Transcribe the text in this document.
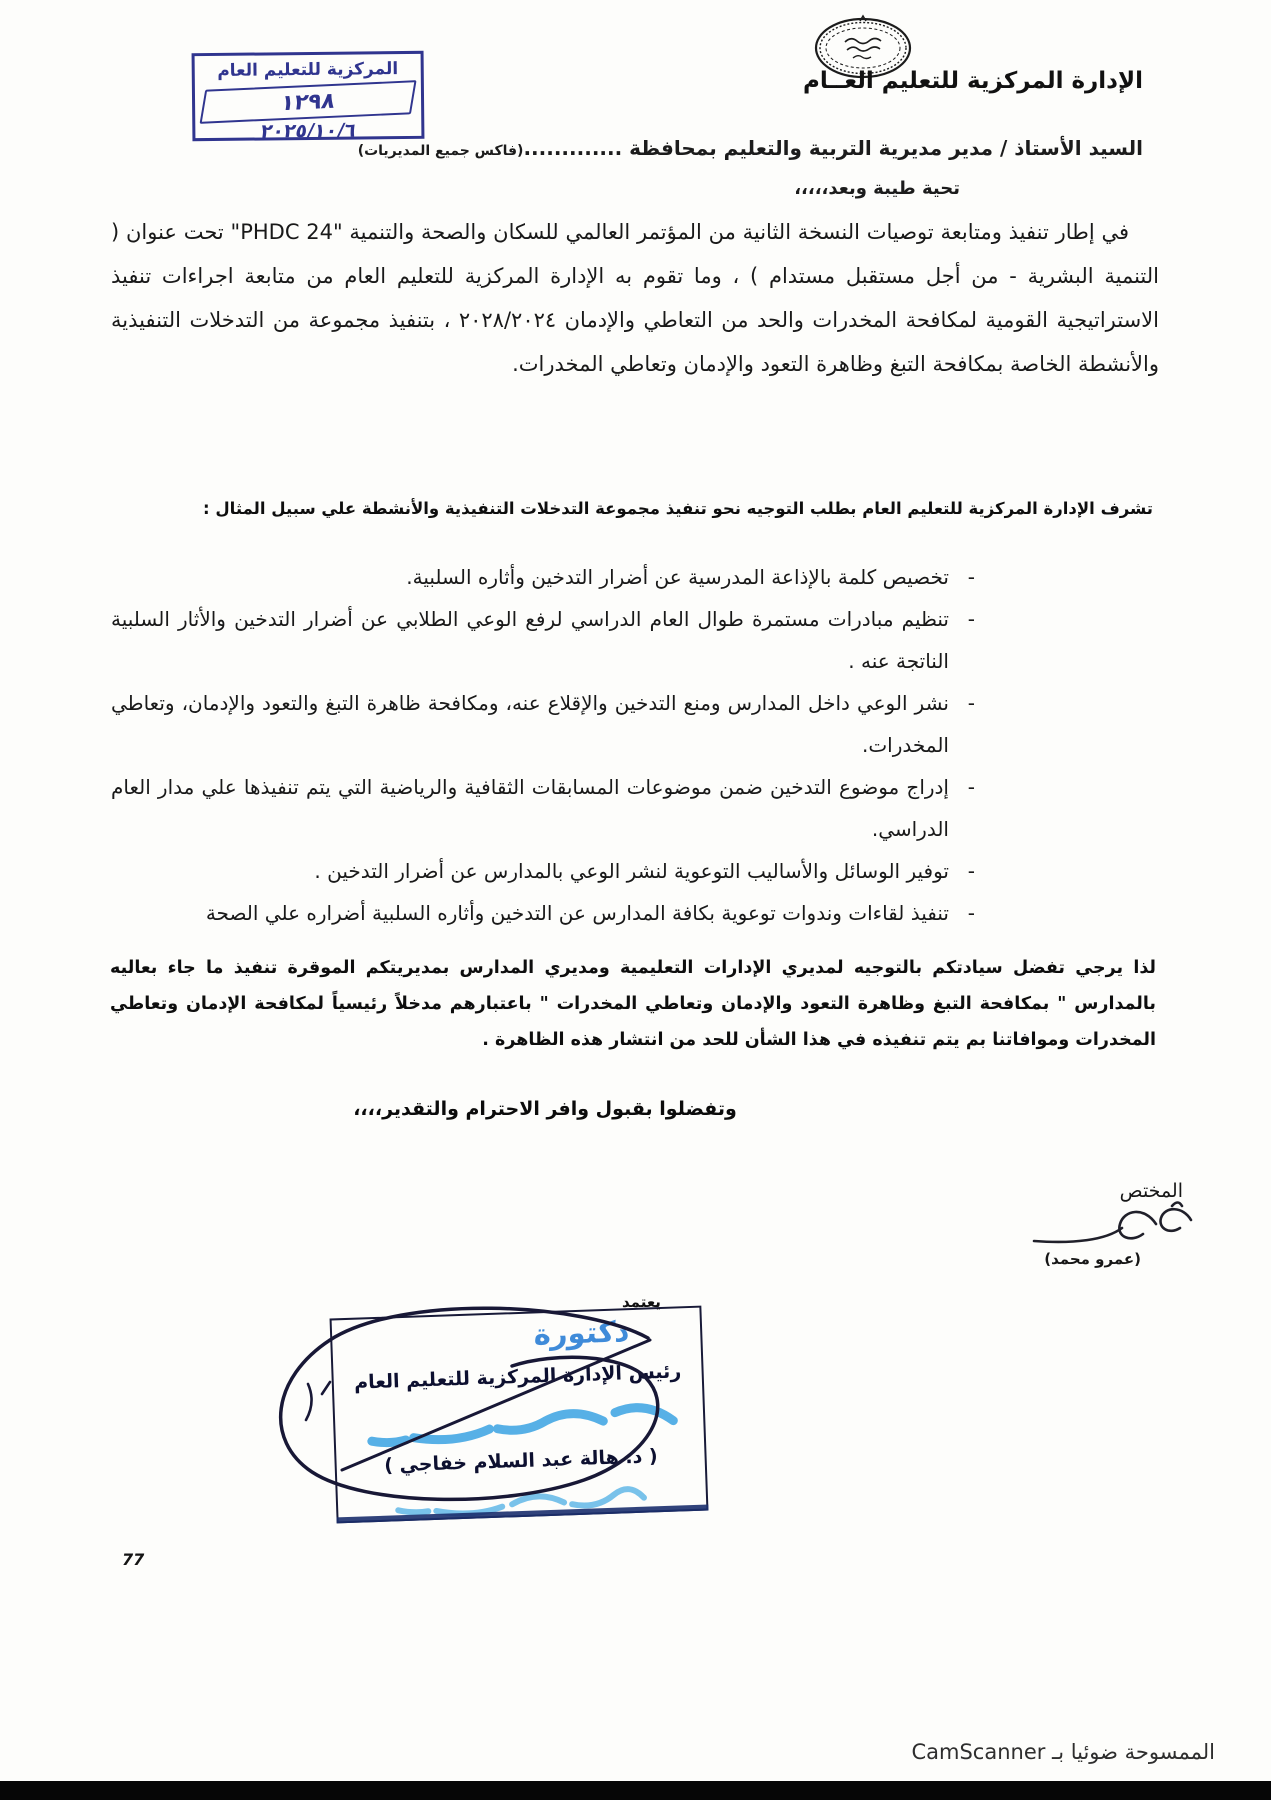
الإدارة المركزية للتعليم العــام
المركزية للتعليم العام
١٢٩٨
٢٠٢٥/١٠/٦
السيد الأستاذ / مدير مديرية التربية والتعليم بمحافظة .............(فاكس جميع المديريات)
تحية طيبة وبعد،،،،،
في إطار تنفيذ ومتابعة توصيات النسخة الثانية من المؤتمر العالمي للسكان والصحة والتنمية "PHDC 24" تحت عنوان ( التنمية البشرية - من أجل مستقبل مستدام ) ، وما تقوم به الإدارة المركزية للتعليم العام من متابعة اجراءات تنفيذ الاستراتيجية القومية لمكافحة المخدرات والحد من التعاطي والإدمان ٢٠٢٨/٢٠٢٤ ، بتنفيذ مجموعة من التدخلات التنفيذية والأنشطة الخاصة بمكافحة التبغ وظاهرة التعود والإدمان وتعاطي المخدرات.
تشرف الإدارة المركزية للتعليم العام بطلب التوجيه نحو تنفيذ مجموعة التدخلات التنفيذية والأنشطة علي سبيل المثال :
- تخصيص كلمة بالإذاعة المدرسية عن أضرار التدخين وأثاره السلبية.
- تنظيم مبادرات مستمرة طوال العام الدراسي لرفع الوعي الطلابي عن أضرار التدخين والأثار السلبية الناتجة عنه .
- نشر الوعي داخل المدارس ومنع التدخين والإقلاع عنه، ومكافحة ظاهرة التبغ والتعود والإدمان، وتعاطي المخدرات.
- إدراج موضوع التدخين ضمن موضوعات المسابقات الثقافية والرياضية التي يتم تنفيذها علي مدار العام الدراسي.
- توفير الوسائل والأساليب التوعوية لنشر الوعي بالمدارس عن أضرار التدخين .
- تنفيذ لقاءات وندوات توعوية بكافة المدارس عن التدخين وأثاره السلبية أضراره علي الصحة
لذا يرجي تفضل سيادتكم بالتوجيه لمديري الإدارات التعليمية ومديري المدارس بمديريتكم الموقرة تنفيذ ما جاء بعاليه بالمدارس " بمكافحة التبغ وظاهرة التعود والإدمان وتعاطي المخدرات " باعتبارهم مدخلاً رئيسياً لمكافحة الإدمان وتعاطي المخدرات وموافاتنا بم يتم تنفيذه في هذا الشأن للحد من انتشار هذه الظاهرة .
وتفضلوا بقبول وافر الاحترام والتقدير،،،،
المختص
(عمرو محمد)
يعتمد
دكتورة
رئيس الإدارة المركزية للتعليم العام
( د. هالة عبد السلام خفاجي )
77
الممسوحة ضوئيا بـ CamScanner
